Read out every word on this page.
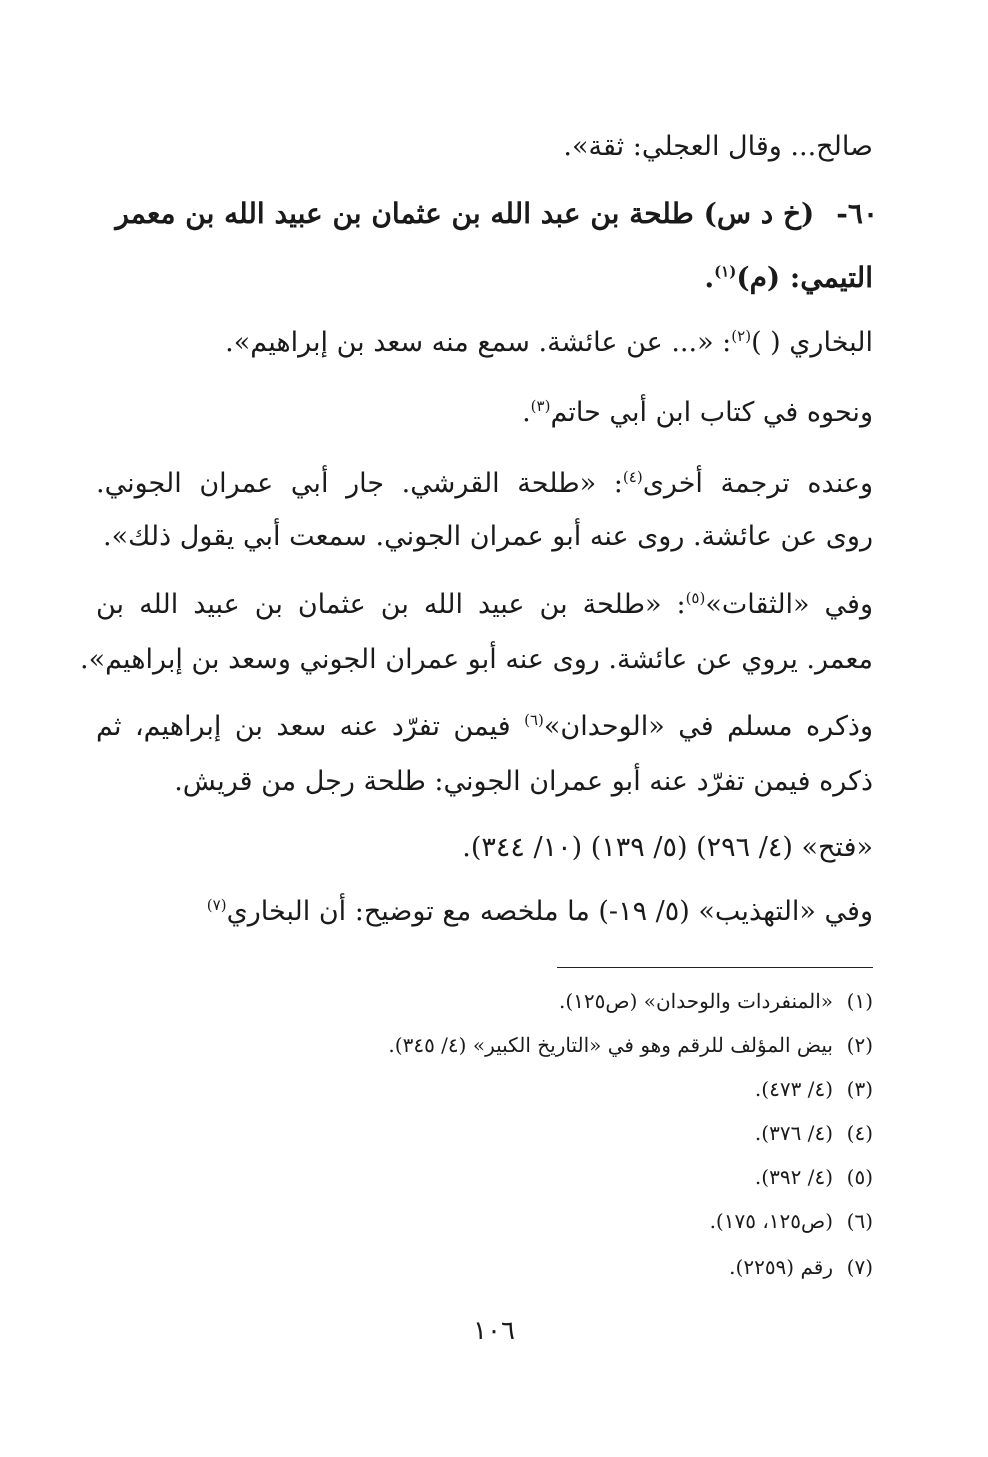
صالح... وقال العجلي: ثقة».
٦٠-(خ د س) طلحة بن عبد الله بن عثمان بن عبيد الله بن معمر
التيمي: (م)$^{(١)}$.
البخاري ( )$^{(٢)}$: «... عن عائشة. سمع منه سعد بن إبراهيم».
ونحوه في كتاب ابن أبي حاتم$^{(٣)}$.
وعنده ترجمة أخرى$^{(٤)}$: «طلحة القرشي. جار أبي عمران الجوني.
روى عن عائشة. روى عنه أبو عمران الجوني. سمعت أبي يقول ذلك».
وفي «الثقات»$^{(٥)}$: «طلحة بن عبيد الله بن عثمان بن عبيد الله بن
معمر. يروي عن عائشة. روى عنه أبو عمران الجوني وسعد بن إبراهيم».
وذكره مسلم في «الوحدان»$^{(٦)}$ فيمن تفرّد عنه سعد بن إبراهيم، ثم
ذكره فيمن تفرّد عنه أبو عمران الجوني: طلحة رجل من قريش.
«فتح» (٤/ ٢٩٦) (٥/ ١٣٩) (١٠/ ٣٤٤).
وفي «التهذيب» (٥/ ١٩-) ما ملخصه مع توضيح: أن البخاري$^{(٧)}$
(١)«المنفردات والوحدان» (ص١٢٥).
(٢)بيض المؤلف للرقم وهو في «التاريخ الكبير» (٤/ ٣٤٥).
(٣)(٤/ ٤٧٣).
(٤)(٤/ ٣٧٦).
(٥)(٤/ ٣٩٢).
(٦)(ص١٢٥، ١٧٥).
(٧)رقم (٢٢٥٩).
١٠٦
